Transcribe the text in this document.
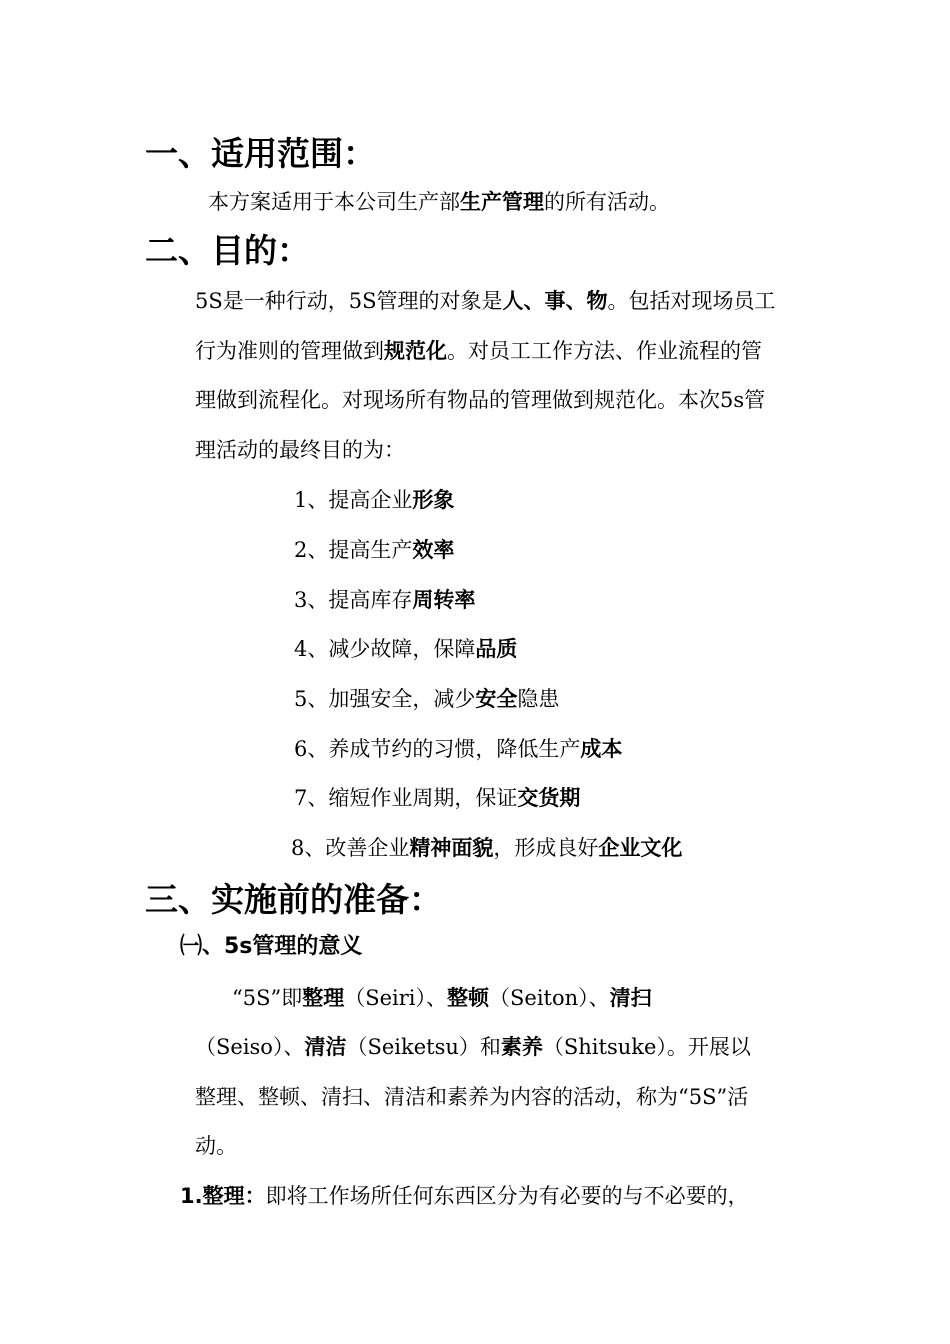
一、适用范围：

本方案适用于本公司生产部生产管理的所有活动。

二、目的：

5S是一种行动，5S管理的对象是人、事、物。包括对现场员工

行为准则的管理做到规范化。对员工工作方法、作业流程的管

理做到流程化。对现场所有物品的管理做到规范化。本次5s管

理活动的最终目的为：

1、提高企业形象

2、提高生产效率

3、提高库存周转率

4、减少故障，保障品质

5、加强安全，减少安全隐患

6、养成节约的习惯，降低生产成本

7、缩短作业周期，保证交货期

8、改善企业精神面貌，形成良好企业文化

三、实施前的准备：
㈠、5s管理的意义

“5S”即整理（Seiri）、整顿（Seiton）、清扫

（Seiso）、清洁（Seiketsu）和素养（Shitsuke）。开展以

整理、整顿、清扫、清洁和素养为内容的活动，称为“5S”活

动。

1.整理：即将工作场所任何东西区分为有必要的与不必要的，
